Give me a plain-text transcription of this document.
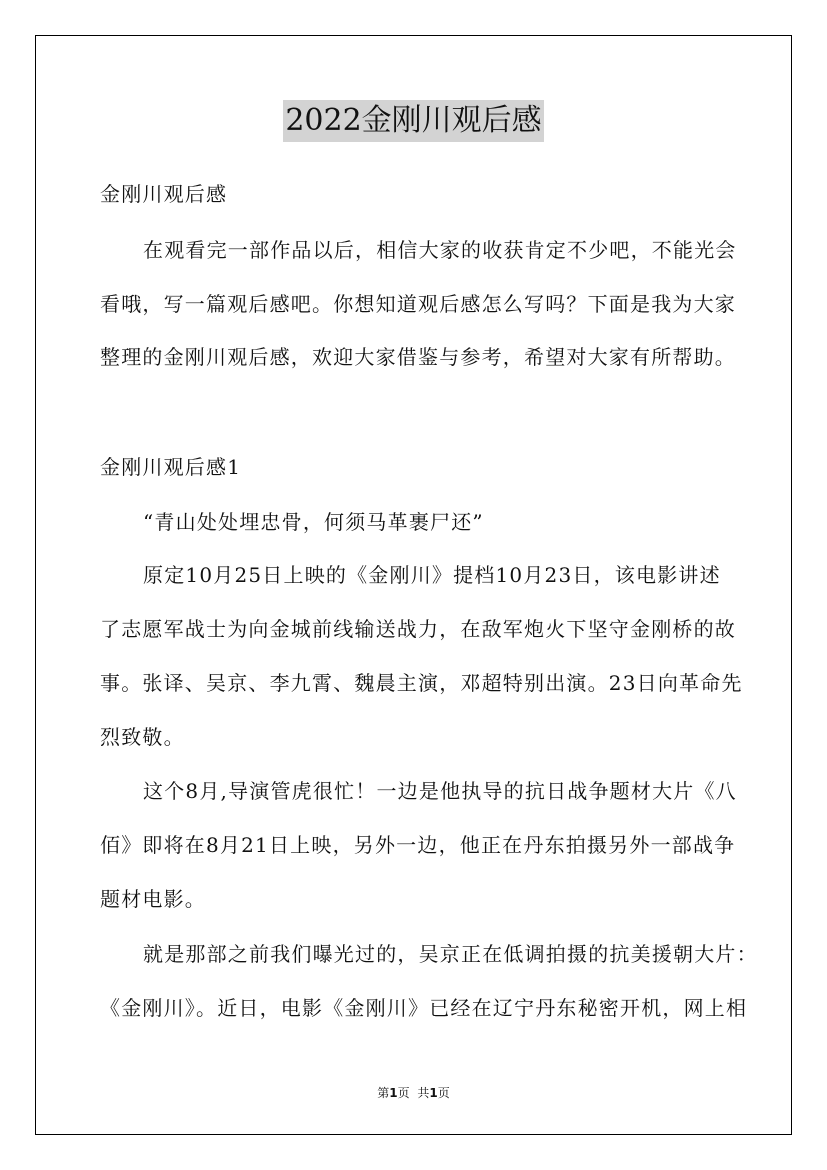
2022金刚川观后感
金刚川观后感
在观看完一部作品以后，相信大家的收获肯定不少吧，不能光会
看哦，写一篇观后感吧。你想知道观后感怎么写吗？下面是我为大家
整理的金刚川观后感，欢迎大家借鉴与参考，希望对大家有所帮助。
金刚川观后感1
“青山处处埋忠骨，何须马革裹尸还”
原定10月25日上映的《金刚川》提档10月23日，该电影讲述
了志愿军战士为向金城前线输送战力，在敌军炮火下坚守金刚桥的故
事。张译、吴京、李九霄、魏晨主演，邓超特别出演。23日向革命先
烈致敬。
这个8月,导演管虎很忙！一边是他执导的抗日战争题材大片《八
佰》即将在8月21日上映，另外一边，他正在丹东拍摄另外一部战争
题材电影。
就是那部之前我们曝光过的，吴京正在低调拍摄的抗美援朝大片：
《金刚川》。近日，电影《金刚川》已经在辽宁丹东秘密开机，网上相
第1页 共1页
